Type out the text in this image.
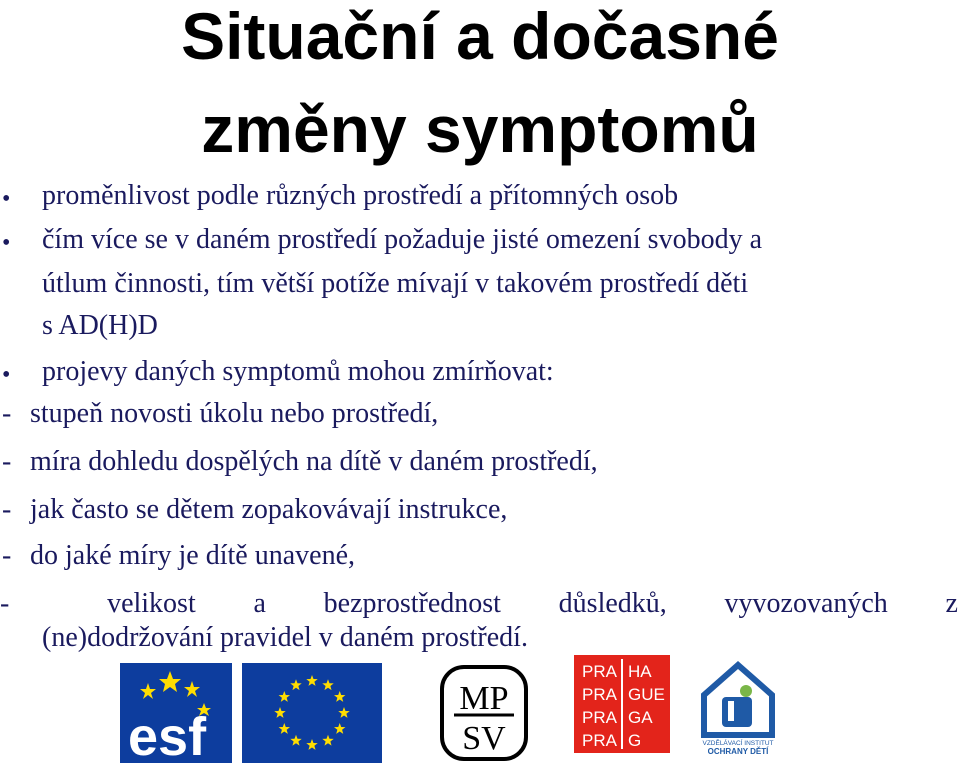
Situační a dočasné
změny symptomů
• proměnlivost podle různých prostředí a přítomných osob
• čím více se v daném prostředí požaduje jisté omezení svobody a
útlum činnosti, tím větší potíže mívají v takovém prostředí děti
s AD(H)D
• projevy daných symptomů mohou zmírňovat:
- stupeň novosti úkolu nebo prostředí,
- míra dohledu dospělých na dítě v daném prostředí,
- jak často se dětem zopakovávají instrukce,
- do jaké míry je dítě unavené,
-	velikost a bezprostřednost důsledků, vyvozovaných z
(ne)dodržování pravidel v daném prostředí.
esf
MP
SV
PRA HA
PRA GUE
PRA GA
PRA G	VZDĚLÁVACÍ INSTITUT
OCHRANY DĚTÍ
